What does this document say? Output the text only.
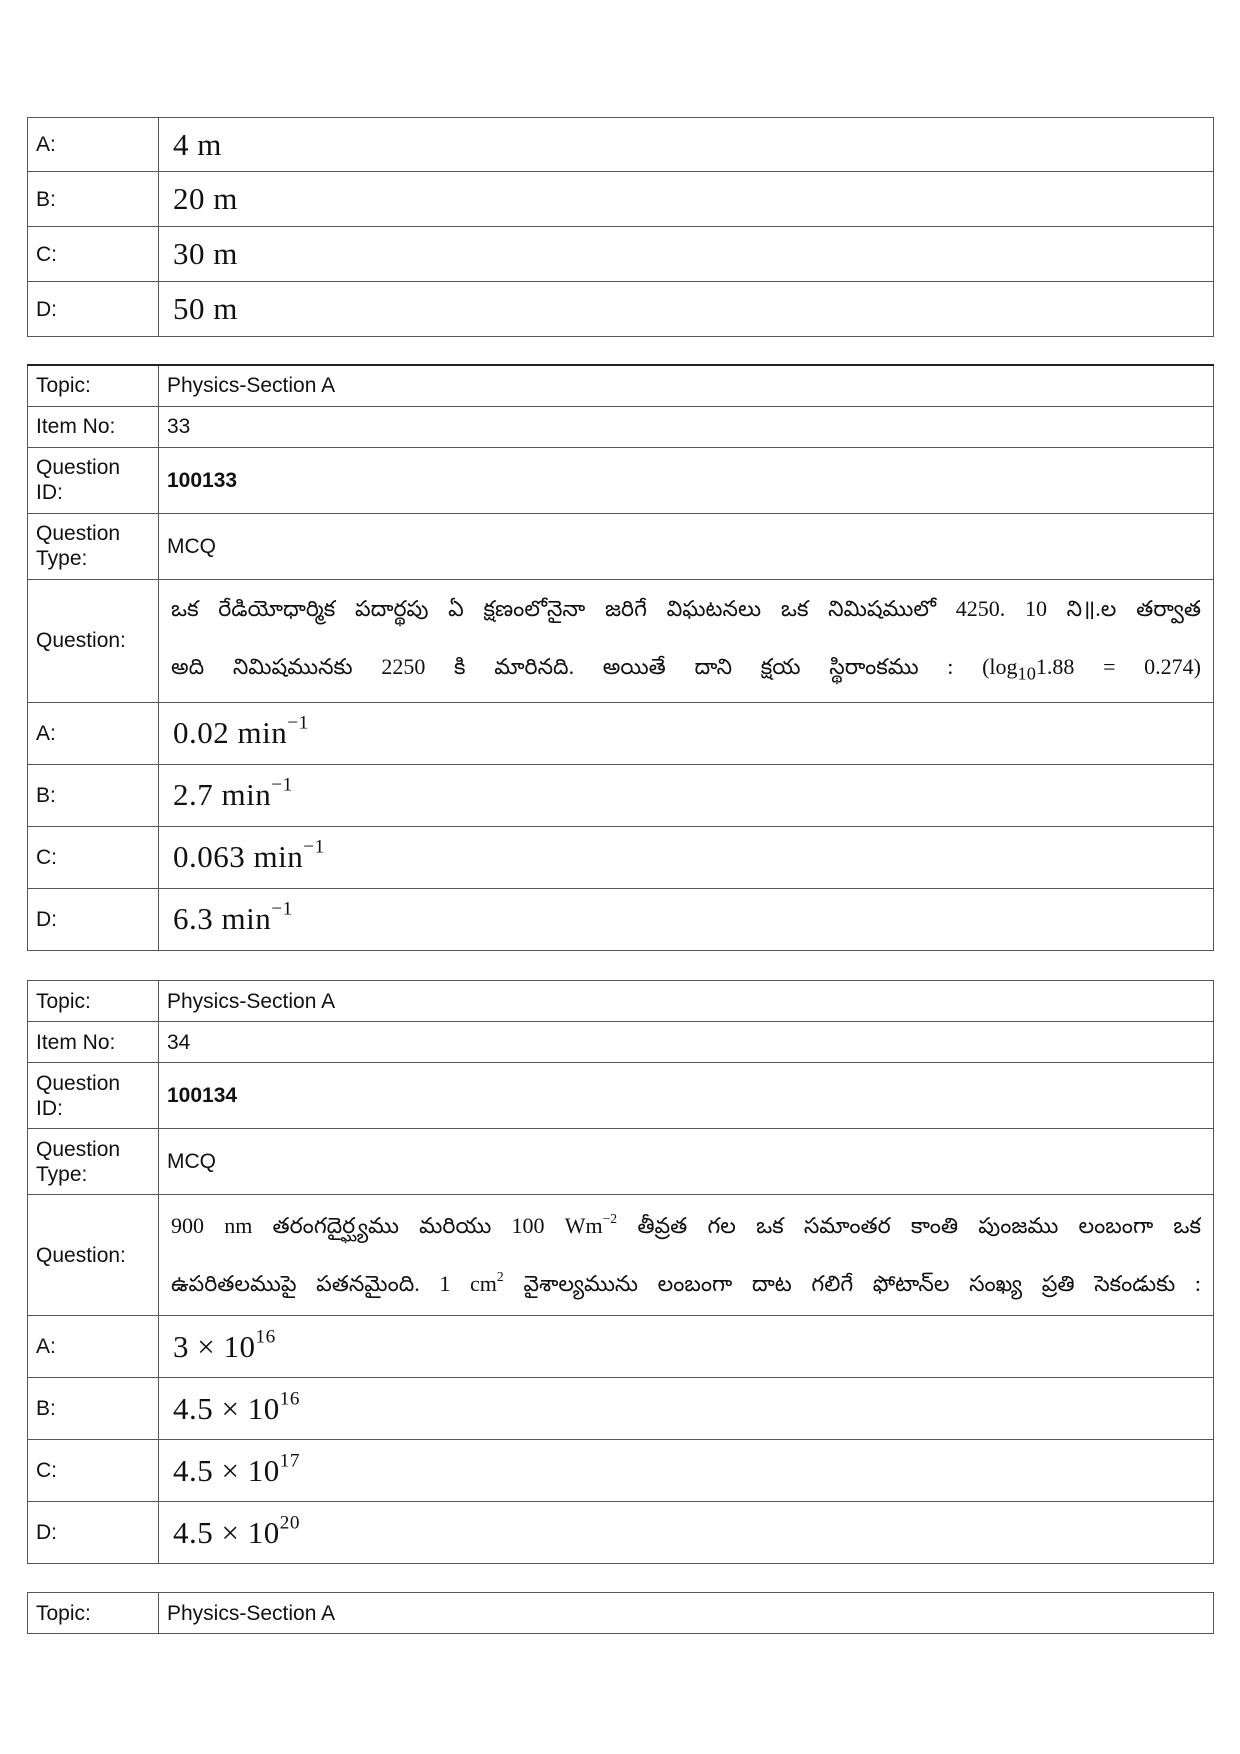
A:	4 m
B:	20 m
C:	30 m
D:	50 m
Topic:	Physics-Section A
Item No:	33
Question ID:	100133
Question Type:	MCQ
Question:	ఒక రేడియోధార్మిక పదార్థపు ఏ క్షణంలోనైనా జరిగే విఘటనలు ఒక నిమిషములో 4250. 10 ని॥.ల తర్వాత
అది నిమిషమునకు 2250 కి మారినది. అయితే దాని క్షయ స్థిరాంకము : $(\log_{10}1.88 = 0.274)$

A:	0.02 $\min^{-1}$
B:	2.7 $\min^{-1}$
C:	0.063 $\min^{-1}$
D:	6.3 $\min^{-1}$
Topic:	Physics-Section A
Item No:	34
Question ID:	100134
Question Type:	MCQ
Question:	900 nm తరంగదైర్ఘ్యము మరియు 100 $Wm^{-2}$ తీవ్రత గల ఒక సమాంతర కాంతి పుంజము లంబంగా ఒక
ఉపరితలముపై పతనమైంది. 1 $cm^2$ వైశాల్యమును లంబంగా దాట గలిగే ఫోటాన్‌ల సంఖ్య ప్రతి సెకండుకు :

A:	$3 \times 10^{16}$
B:	$4.5 \times 10^{16}$
C:	$4.5 \times 10^{17}$
D:	$4.5 \times 10^{20}$
Topic:	Physics-Section A
